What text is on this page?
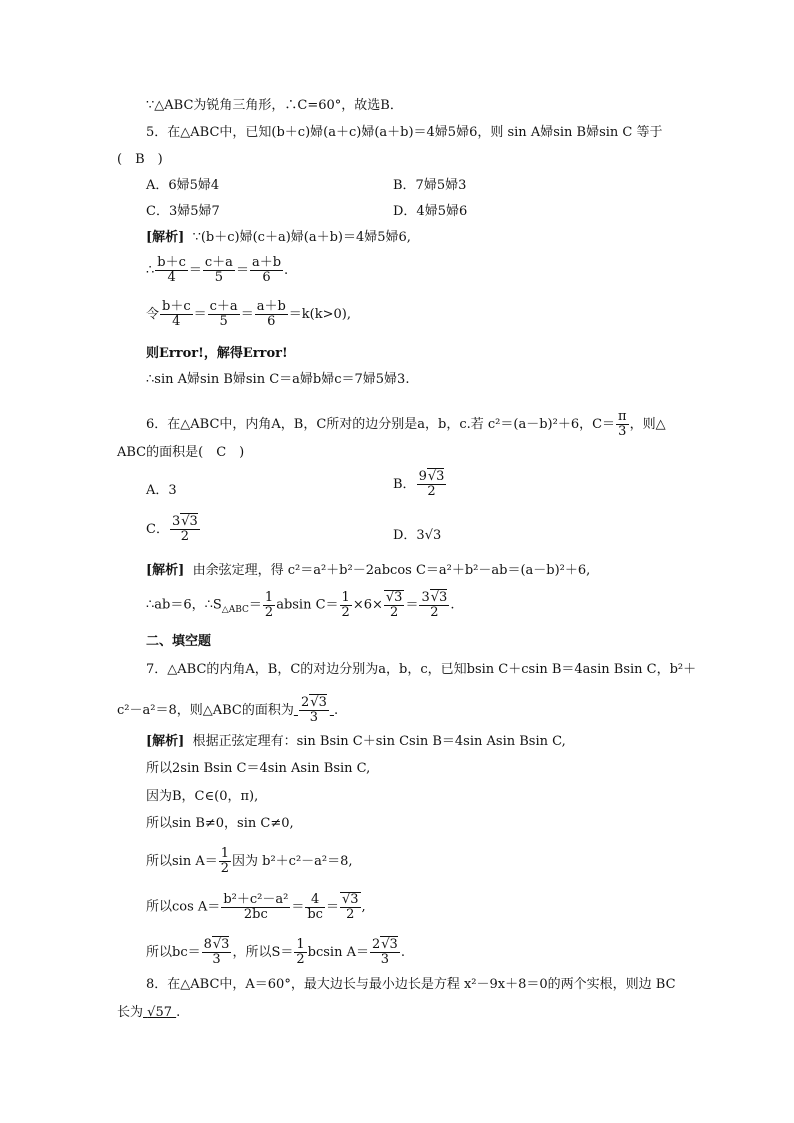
∵△ABC为锐角三角形，∴C=60°，故选B．
5．在△ABC中，已知(b＋c)婦(a＋c)婦(a＋b)＝4婦5婦6，则 sin A婦sin B婦sin C 等于
(　B　)
A．6婦5婦4	B．7婦5婦3
C．3婦5婦7	D．4婦5婦6
[解析] ∵(b＋c)婦(c＋a)婦(a＋b)＝4婦5婦6,
∴ $\frac{b+c}{4} = \frac{c+a}{5} = \frac{a+b}{6}$ .
令 $\frac{b+c}{4} = \frac{c+a}{5} = \frac{a+b}{6} =k(k>0)$,
则Error!，解得Error!
∴sin A婦sin B婦sin C＝a婦b婦c＝7婦5婦3.
6．在△ABC中，内角A，B，C所对的边分别是a，b，c.若 c²＝(a－b)²＋6，$C= \frac{\pi}{3}$ ，则△
ABC的面积是(　C　)
A．3	B． $\frac{9√3}{2}$
C． $\frac{3√3}{2}$	D．3√3
[解析] 由余弦定理，得 c²＝a²＋b²－2abcos C＝a²＋b²－ab＝(a－b)²＋6,
∴ab＝6，$\therefore S_{\triangle ABC}= \frac{1}{2}$ absin $C= \frac{1}{2} \times 6\times \frac{√3}{2} = \frac{3√3}{2}$ .
二、填空题
7．△ABC的内角A，B，C的对边分别为a，b，c，已知bsin C＋csin B＝4asin Bsin C，b²＋
c²－a²＝8，则△ABC的面积为 $\frac{2√3}{3}$ .
[解析] 根据正弦定理有：sin Bsin C＋sin Csin B＝4sin Asin Bsin C,
所以2sin Bsin C＝4sin Asin Bsin C,
因为B，C∈(0，π),
所以sin B≠0，sin C≠0,
所以$\sin A= \frac{1}{2}$ 因为 b²＋c²－a²＝8,
所以$\cos A= \frac{\text{b²＋c²－a²}}{2bc} = \frac{4}{bc} = \frac{√3}{2}$ ,
所以$bc= \frac{8√3}{3}$ ，所以$S= \frac{1}{2}$ bcsin $A= \frac{2√3}{3}$ .
8．在△ABC中，A＝60°，最大边长与最小边长是方程 x²－9x＋8＝0的两个实根，则边 BC
长为 √57 .
